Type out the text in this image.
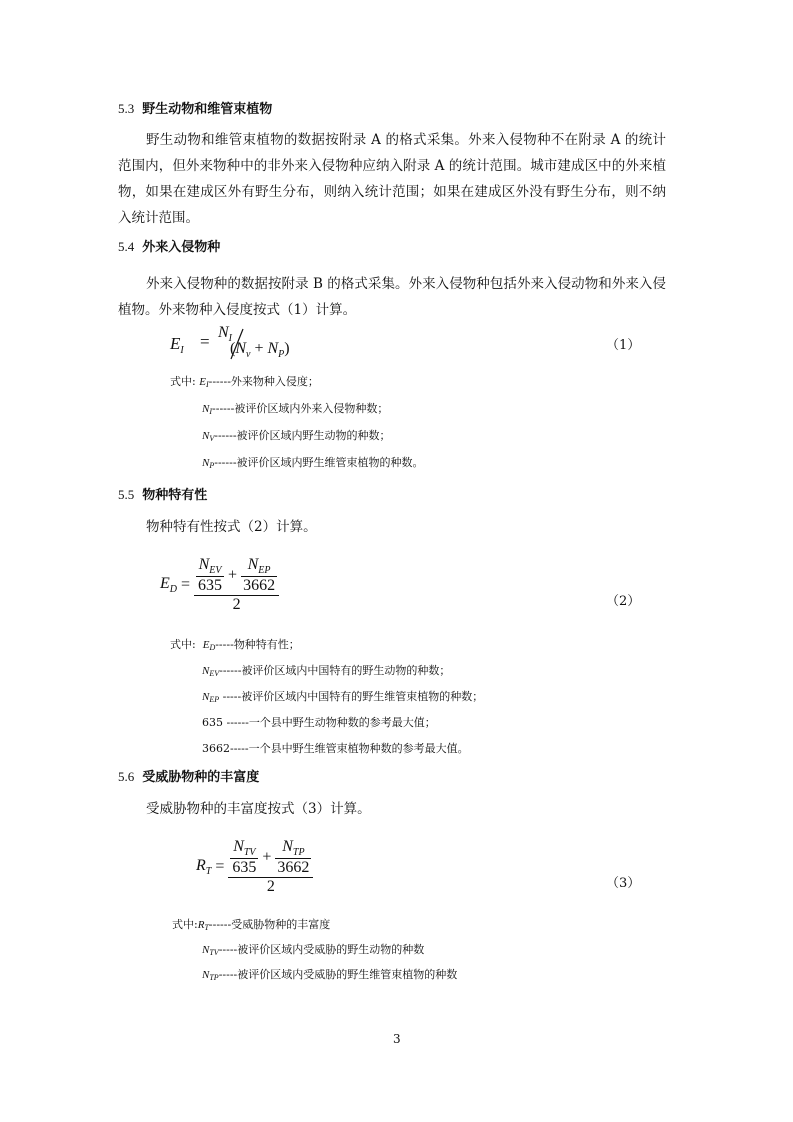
5.3 野生动物和维管束植物
野生动物和维管束植物的数据按附录 A 的格式采集。外来入侵物种不在附录 A 的统计范围内，但外来物种中的非外来入侵物种应纳入附录 A 的统计范围。城市建成区中的外来植物，如果在建成区外有野生分布，则纳入统计范围；如果在建成区外没有野生分布，则不纳入统计范围。
5.4 外来入侵物种
外来入侵物种的数据按附录 B 的格式采集。外来入侵物种包括外来入侵动物和外来入侵植物。外来物种入侵度按式（1）计算。
$E_I = N_I$
$(N_v + N_P)$	（1）
式中: $E_I------$外来物种入侵度；
$N_I------$被评价区域内外来入侵物种数；
$N_V------$被评价区域内野生动物的种数；
$N_P------$被评价区域内野生维管束植物的种数。
5.5 物种特有性
物种特有性按式（2）计算。
$E_D = \frac{\frac{N_{EV}}{635} + \frac{N_{EP}}{3662}}{2}$	（2）
式中:  $E_D-----$物种特有性；
$N_{EV}------$被评价区域内中国特有的野生动物的种数；
$N_{EP}$ -----被评价区域内中国特有的野生维管束植物的种数；
635 ------一个县中野生动物种数的参考最大值；
3662-----一个县中野生维管束植物种数的参考最大值。
5.6 受威胁物种的丰富度
受威胁物种的丰富度按式（3）计算。
$R_T = \frac{\frac{N_{TV}}{635} + \frac{N_{TP}}{3662}}{2}$	（3）
式中$:R_T------$受威胁物种的丰富度
$N_{TV}-----$被评价区域内受威胁的野生动物的种数
$N_{TP}-----$被评价区域内受威胁的野生维管束植物的种数
3
